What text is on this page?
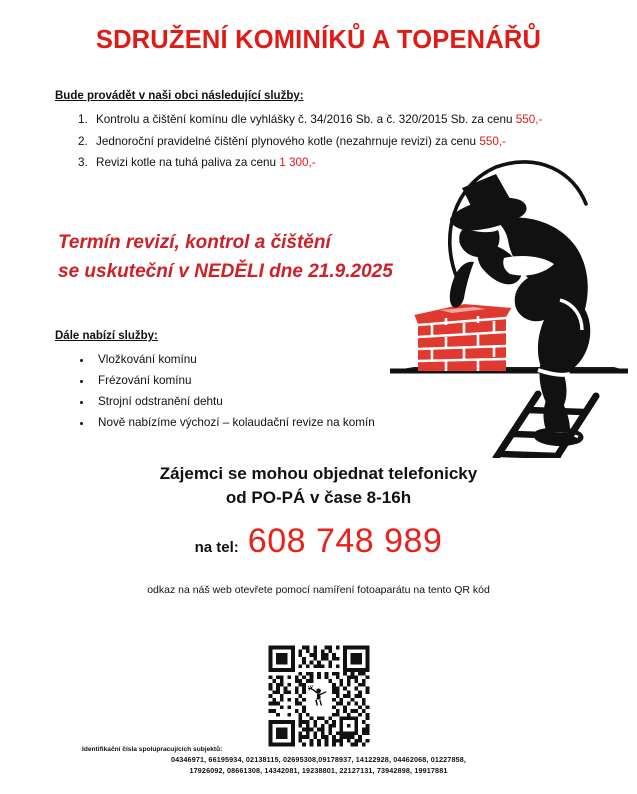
SDRUŽENÍ KOMINÍKŮ A TOPENÁŘŮ
Bude provádět v naši obci následující služby:
1. Kontrolu a čištění komínu dle vyhlášky č. 34/2016 Sb. a č. 320/2015 Sb. za cenu 550,-
2. Jednoroční pravidelné čištění plynového kotle (nezahrnuje revizi) za cenu 550,-
3. Revizi kotle na tuhá paliva za cenu 1 300,-
Termín revizí, kontrol a čištění
se uskuteční v NEDĚLI dne 21.9.2025
Dále nabízí služby:
• Vložkování komínu
• Frézování komínu
• Strojní odstranění dehtu
• Nově nabízíme výchozí – kolaudační revize na komín
Zájemci se mohou objednat telefonicky
od PO-PÁ v čase 8-16h
na tel: 608 748 989
odkaz na náš web otevřete pomocí namíření fotoaparátu na tento QR kód
Identifikační čísla spolupracujících subjektů:
04346971, 66195934, 02138115, 02695308,09178937, 14122928, 04462068, 01227858,
17926092, 08661308, 14342081, 19238801, 22127131, 73942898, 19917881
